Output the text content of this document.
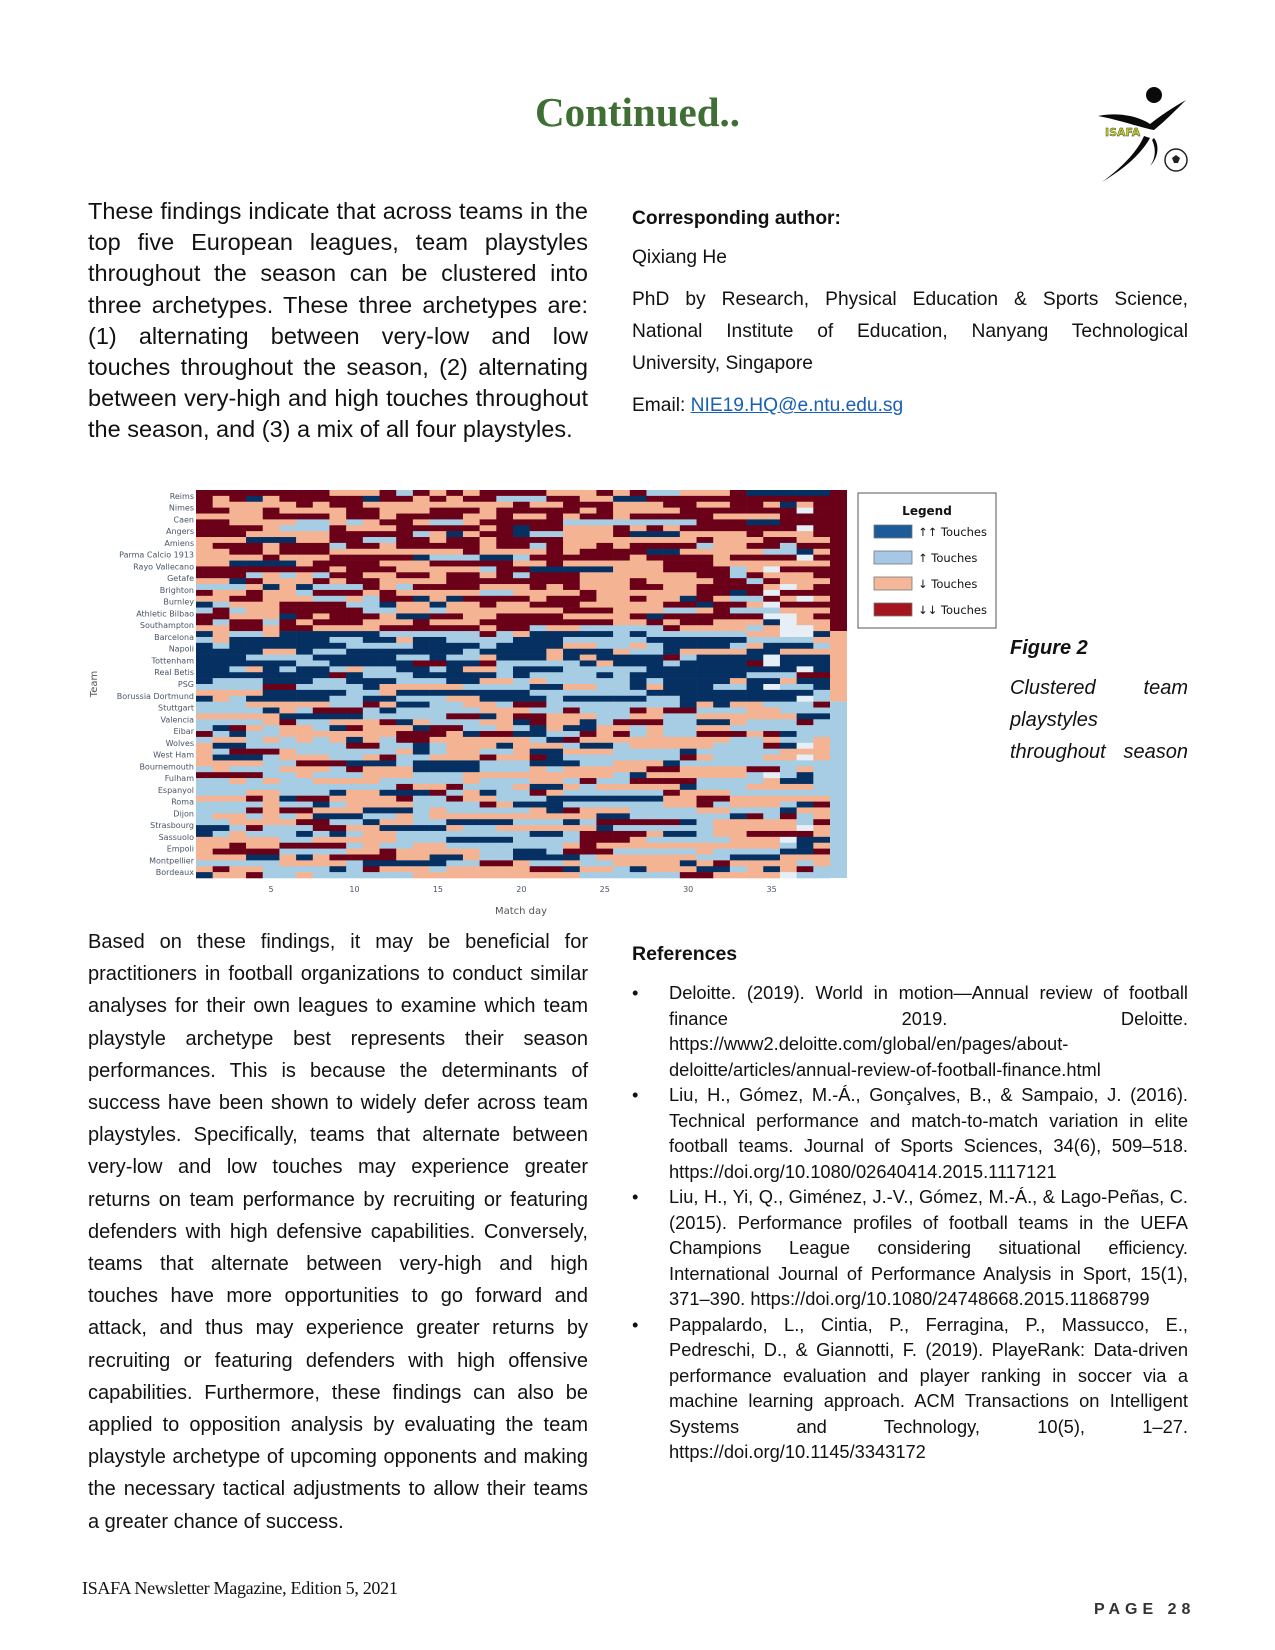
Continued..	ISAFA
These findings indicate that across teams in the top five European leagues, team playstyles throughout the season can be clustered into three archetypes. These three archetypes are: (1) alternating between very-low and low touches throughout the season, (2) alternating between very-high and high touches throughout the season, and (3) a mix of all four playstyles.
Corresponding author:

Qixiang He

PhD by Research, Physical Education & Sports Science, National Institute of Education, Nanyang Technological University, Singapore

Email: NIE19.HQ@e.ntu.edu.sg

Reims
Nimes
Caen
Angers
Amiens
Parma Calcio 1913
Rayo Vallecano
Getafe
Brighton
Burnley
Athletic Bilbao
Southampton
Barcelona
Napoli
Tottenham
Real Betis
PSG
Borussia Dortmund
Stuttgart
Valencia
Eibar
Wolves
West Ham
Bournemouth
Fulham
Espanyol
Roma
Dijon
Strasbourg
Sassuolo
Empoli
Montpellier
Bordeaux
5	10	15	20	25	30	35
Match day
Team
Legend
↑↑ Touches
↑ Touches
↓ Touches
↓↓ Touches
Figure 2
Clustered team
playstyles
throughout season
Based on these findings, it may be beneficial for practitioners in football organizations to conduct similar analyses for their own leagues to examine which team playstyle archetype best represents their season performances. This is because the determinants of success have been shown to widely defer across team playstyles. Specifically, teams that alternate between very-low and low touches may experience greater returns on team performance by recruiting or featuring defenders with high defensive capabilities. Conversely, teams that alternate between very-high and high touches have more opportunities to go forward and attack, and thus may experience greater returns by recruiting or featuring defenders with high offensive capabilities. Furthermore, these findings can also be applied to opposition analysis by evaluating the team playstyle archetype of upcoming opponents and making the necessary tactical adjustments to allow their teams a greater chance of success.
References
• Deloitte. (2019). World in motion—Annual review of football finance 2019. Deloitte. https://www2.deloitte.com/global/en/pages/about-deloitte/articles/annual-review-of-football-finance.html
• Liu, H., Gómez, M.-Á., Gonçalves, B., & Sampaio, J. (2016). Technical performance and match-to-match variation in elite football teams. Journal of Sports Sciences, 34(6), 509–518. https://doi.org/10.1080/02640414.2015.1117121
• Liu, H., Yi, Q., Giménez, J.-V., Gómez, M.-Á., & Lago-Peñas, C. (2015). Performance profiles of football teams in the UEFA Champions League considering situational efficiency. International Journal of Performance Analysis in Sport, 15(1), 371–390. https://doi.org/10.1080/24748668.2015.11868799
• Pappalardo, L., Cintia, P., Ferragina, P., Massucco, E., Pedreschi, D., & Giannotti, F. (2019). PlayeRank: Data-driven performance evaluation and player ranking in soccer via a machine learning approach. ACM Transactions on Intelligent Systems and Technology, 10(5), 1–27. https://doi.org/10.1145/3343172
ISAFA Newsletter Magazine, Edition 5, 2021
PAGE 28
